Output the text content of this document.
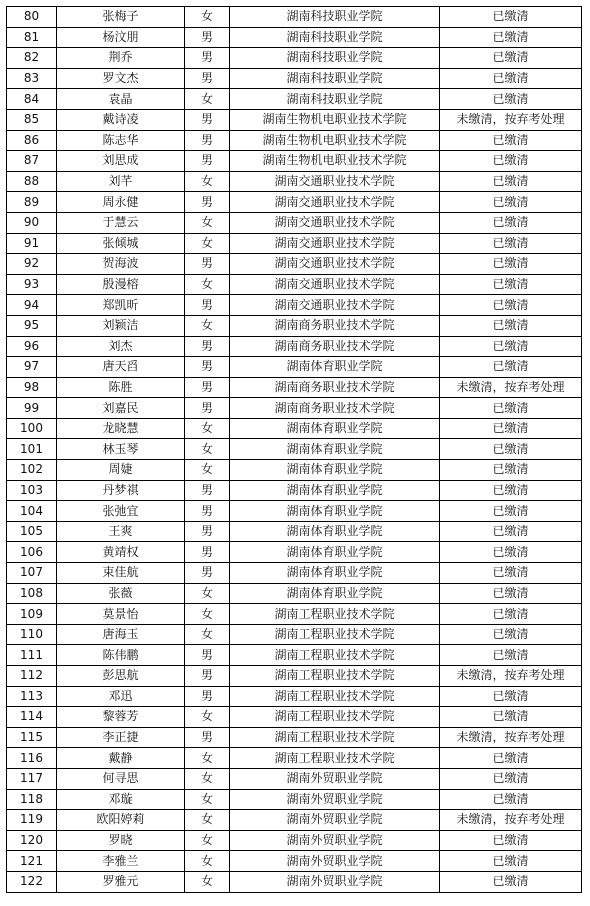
80	张梅子	女	湖南科技职业学院	已缴清
81	杨汶朋	男	湖南科技职业学院	已缴清
82	荆乔	男	湖南科技职业学院	已缴清
83	罗文杰	男	湖南科技职业学院	已缴清
84	袁晶	女	湖南科技职业学院	已缴清
85	戴诗凌	男	湖南生物机电职业技术学院	未缴清，按弃考处理
86	陈志华	男	湖南生物机电职业技术学院	已缴清
87	刘思成	男	湖南生物机电职业技术学院	已缴清
88	刘芊	女	湖南交通职业技术学院	已缴清
89	周永健	男	湖南交通职业技术学院	已缴清
90	于慧云	女	湖南交通职业技术学院	已缴清
91	张倾城	女	湖南交通职业技术学院	已缴清
92	贺海波	男	湖南交通职业技术学院	已缴清
93	殷漫榕	女	湖南交通职业技术学院	已缴清
94	郑凯昕	男	湖南交通职业技术学院	已缴清
95	刘颖洁	女	湖南商务职业技术学院	已缴清
96	刘杰	男	湖南商务职业技术学院	已缴清
97	唐天舀	男	湖南体育职业学院	已缴清
98	陈胜	男	湖南商务职业技术学院	未缴清，按弃考处理
99	刘嘉民	男	湖南商务职业技术学院	已缴清
100	龙晓慧	女	湖南体育职业学院	已缴清
101	林玉琴	女	湖南体育职业学院	已缴清
102	周婕	女	湖南体育职业学院	已缴清
103	丹梦祺	男	湖南体育职业学院	已缴清
104	张弛宜	男	湖南体育职业学院	已缴清
105	王爽	男	湖南体育职业学院	已缴清
106	黄靖权	男	湖南体育职业学院	已缴清
107	束佳航	男	湖南体育职业学院	已缴清
108	张薇	女	湖南体育职业学院	已缴清
109	莫景怡	女	湖南工程职业技术学院	已缴清
110	唐海玉	女	湖南工程职业技术学院	已缴清
111	陈伟鹏	男	湖南工程职业技术学院	已缴清
112	彭思航	男	湖南工程职业技术学院	未缴清，按弃考处理
113	邓迅	男	湖南工程职业技术学院	已缴清
114	黎蓉芳	女	湖南工程职业技术学院	已缴清
115	李正捷	男	湖南工程职业技术学院	未缴清，按弃考处理
116	戴静	女	湖南工程职业技术学院	已缴清
117	何寻思	女	湖南外贸职业学院	已缴清
118	邓璇	女	湖南外贸职业学院	已缴清
119	欧阳婷莉	女	湖南外贸职业学院	未缴清，按弃考处理
120	罗晓	女	湖南外贸职业学院	已缴清
121	李雅兰	女	湖南外贸职业学院	已缴清
122	罗雅元	女	湖南外贸职业学院	已缴清
